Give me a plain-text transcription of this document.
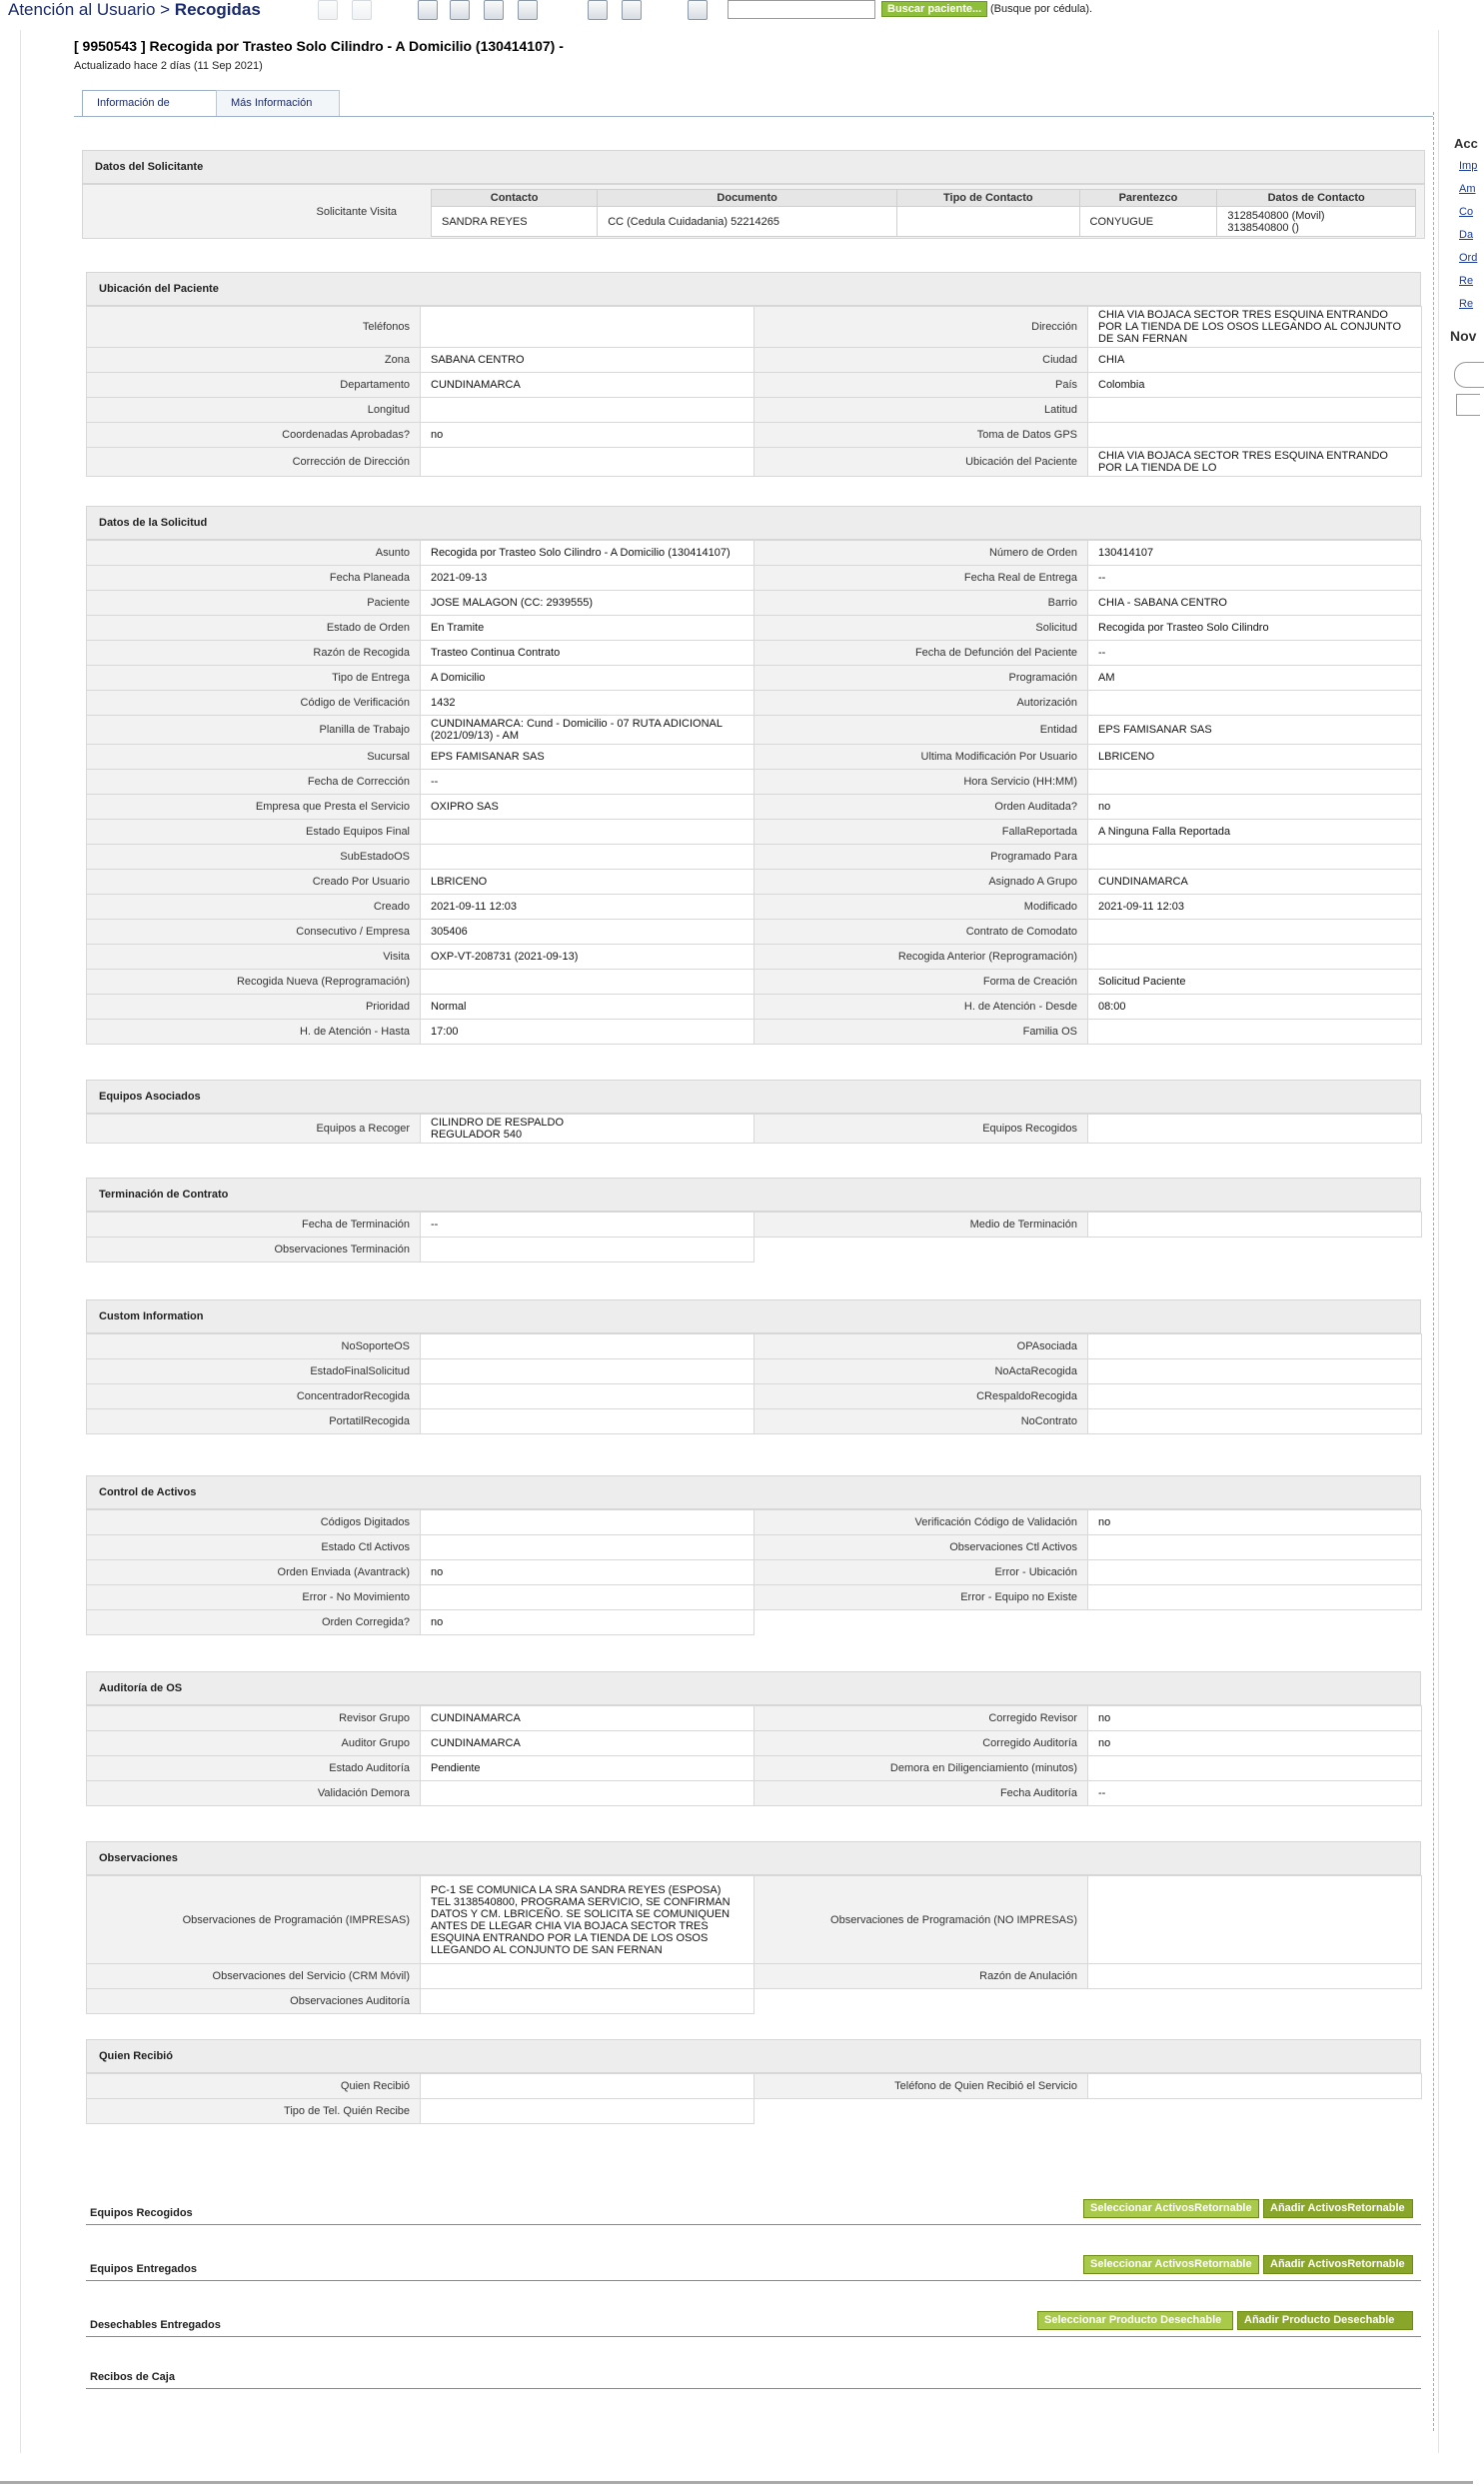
Atención al Usuario > Recogidas	Buscar paciente... (Busque por cédula).
Acc
Imp
Am
Co
Da
Ord
Re
Re
Nov
[ 9950543 ] Recogida por Trasteo Solo Cilindro - A Domicilio (130414107) -
Actualizado hace 2 días (11 Sep 2021)
Información de	Más Información
Datos del Solicitante
Solicitante Visita
Contacto	Documento	Tipo de Contacto	Parentezco	Datos de Contacto
SANDRA REYES	CC (Cedula Cuidadania) 52214265		CONYUGUE	3128540800 (Movil)
3138540800 ()
Ubicación del Paciente
Teléfonos		Dirección	CHIA VIA BOJACA SECTOR TRES ESQUINA ENTRANDO POR LA TIENDA DE LOS OSOS LLEGANDO AL CONJUNTO DE SAN FERNAN
Zona	SABANA CENTRO	Ciudad	CHIA
Departamento	CUNDINAMARCA	País	Colombia
Longitud		Latitud	
Coordenadas Aprobadas?	no	Toma de Datos GPS	
Corrección de Dirección		Ubicación del Paciente	CHIA VIA BOJACA SECTOR TRES ESQUINA ENTRANDO POR LA TIENDA DE LO
Datos de la Solicitud
Asunto	Recogida por Trasteo Solo Cilindro - A Domicilio (130414107)	Número de Orden	130414107
Fecha Planeada	2021-09-13	Fecha Real de Entrega	--
Paciente	JOSE MALAGON (CC: 2939555)	Barrio	CHIA - SABANA CENTRO
Estado de Orden	En Tramite	Solicitud	Recogida por Trasteo Solo Cilindro
Razón de Recogida	Trasteo Continua Contrato	Fecha de Defunción del Paciente	--
Tipo de Entrega	A Domicilio	Programación	AM
Código de Verificación	1432	Autorización	
Planilla de Trabajo	CUNDINAMARCA: Cund - Domicilio - 07 RUTA ADICIONAL (2021/09/13) - AM	Entidad	EPS FAMISANAR SAS
Sucursal	EPS FAMISANAR SAS	Ultima Modificación Por Usuario	LBRICENO
Fecha de Corrección	--	Hora Servicio (HH:MM)	
Empresa que Presta el Servicio	OXIPRO SAS	Orden Auditada?	no
Estado Equipos Final		FallaReportada	A Ninguna Falla Reportada
SubEstadoOS		Programado Para	
Creado Por Usuario	LBRICENO	Asignado A Grupo	CUNDINAMARCA
Creado	2021-09-11 12:03	Modificado	2021-09-11 12:03
Consecutivo / Empresa	305406	Contrato de Comodato	
Visita	OXP-VT-208731 (2021-09-13)	Recogida Anterior (Reprogramación)	
Recogida Nueva (Reprogramación)		Forma de Creación	Solicitud Paciente
Prioridad	Normal	H. de Atención - Desde	08:00
H. de Atención - Hasta	17:00	Familia OS	
Equipos Asociados
Equipos a Recoger	CILINDRO DE RESPALDO
REGULADOR 540	Equipos Recogidos	
Terminación de Contrato
Fecha de Terminación	--	Medio de Terminación	
Observaciones Terminación			
Custom Information
NoSoporteOS		OPAsociada	
EstadoFinalSolicitud		NoActaRecogida	
ConcentradorRecogida		CRespaldoRecogida	
PortatilRecogida		NoContrato	
Control de Activos
Códigos Digitados		Verificación Código de Validación	no
Estado Ctl Activos		Observaciones Ctl Activos	
Orden Enviada (Avantrack)	no	Error - Ubicación	
Error - No Movimiento		Error - Equipo no Existe	
Orden Corregida?	no		
Auditoría de OS
Revisor Grupo	CUNDINAMARCA	Corregido Revisor	no
Auditor Grupo	CUNDINAMARCA	Corregido Auditoría	no
Estado Auditoría	Pendiente	Demora en Diligenciamiento (minutos)	
Validación Demora		Fecha Auditoría	--
Observaciones
Observaciones de Programación (IMPRESAS)	PC-1 SE COMUNICA LA SRA SANDRA REYES (ESPOSA) TEL 3138540800, PROGRAMA SERVICIO, SE CONFIRMAN DATOS Y CM. LBRICEÑO. SE SOLICITA SE COMUNIQUEN ANTES DE LLEGAR CHIA VIA BOJACA SECTOR TRES ESQUINA ENTRANDO POR LA TIENDA DE LOS OSOS LLEGANDO AL CONJUNTO DE SAN FERNAN	Observaciones de Programación (NO IMPRESAS)	
Observaciones del Servicio (CRM Móvil)		Razón de Anulación	
Observaciones Auditoría			
Quien Recibió
Quien Recibió		Teléfono de Quien Recibió el Servicio	
Tipo de Tel. Quién Recibe			
Equipos Recogidos	Añadir ActivosRetornable
Seleccionar ActivosRetornable
Equipos Entregados	Añadir ActivosRetornable
Seleccionar ActivosRetornable
Desechables Entregados	Añadir Producto Desechable
Seleccionar Producto Desechable
Recibos de Caja
